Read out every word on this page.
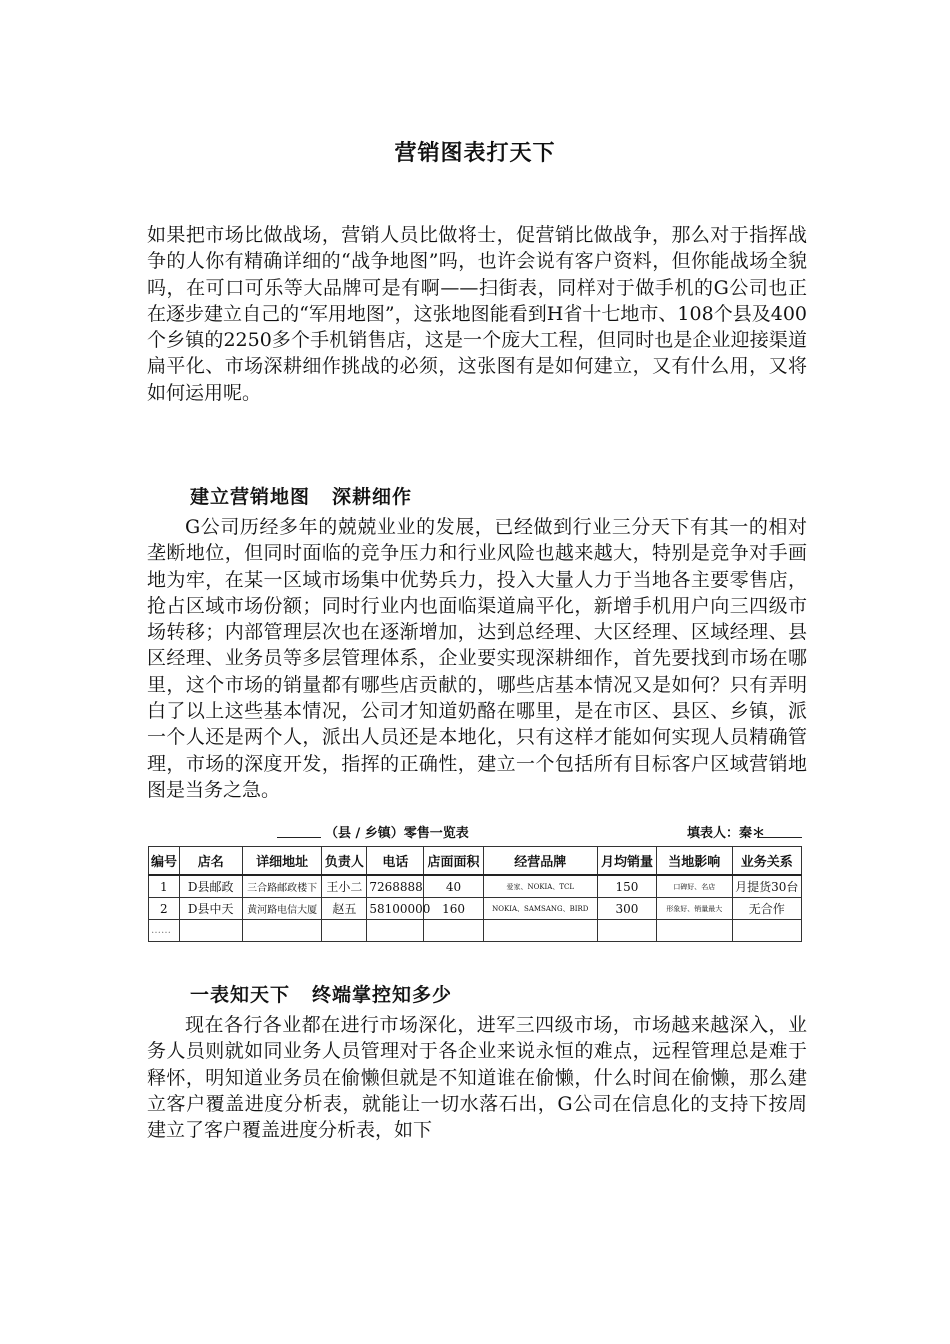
营销图表打天下

如果把市场比做战场，营销人员比做将士，促营销比做战争，那么对于指挥战争的人你有精确详细的“战争地图”吗，也许会说有客户资料，但你能战场全貌吗，在可口可乐等大品牌可是有啊——扫街表，同样对于做手机的G公司也正在逐步建立自己的“军用地图”，这张地图能看到H省十七地市、108个县及400个乡镇的2250多个手机销售店，这是一个庞大工程，但同时也是企业迎接渠道扁平化、市场深耕细作挑战的必须，这张图有是如何建立，又有什么用，又将如何运用呢。

建立营销地图 深耕细作

G公司历经多年的兢兢业业的发展，已经做到行业三分天下有其一的相对垄断地位，但同时面临的竞争压力和行业风险也越来越大，特别是竞争对手画地为牢，在某一区域市场集中优势兵力，投入大量人力于当地各主要零售店，抢占区域市场份额；同时行业内也面临渠道扁平化，新增手机用户向三四级市场转移；内部管理层次也在逐渐增加，达到总经理、大区经理、区域经理、县区经理、业务员等多层管理体系，企业要实现深耕细作，首先要找到市场在哪里，这个市场的销量都有哪些店贡献的，哪些店基本情况又是如何？只有弄明白了以上这些基本情况，公司才知道奶酪在哪里，是在市区、县区、乡镇，派一个人还是两个人，派出人员还是本地化，只有这样才能如何实现人员精确管理，市场的深度开发，指挥的正确性，建立一个包括所有目标客户区域营销地图是当务之急。

（县 / 乡镇）零售一览表	填表人：秦＊
编号	店名	详细地址	负责人	电话	店面面积	经营品牌	月均销量	当地影响	业务关系
1	D县邮政	三合路邮政楼下	王小二	7268888	40	爱家、NOKIA、TCL	150	口碑好、名店	月提货30台
2	D县中天	黄河路电信大厦	赵五	58100000	160	NOKIA、SAMSANG、BIRD	300	形象好、销量最大	无合作
……									
一表知天下 终端掌控知多少

现在各行各业都在进行市场深化，进军三四级市场，市场越来越深入，业务人员则就如同业务人员管理对于各企业来说永恒的难点，远程管理总是难于释怀，明知道业务员在偷懒但就是不知道谁在偷懒，什么时间在偷懒，那么建立客户覆盖进度分析表，就能让一切水落石出，G公司在信息化的支持下按周建立了客户覆盖进度分析表，如下
